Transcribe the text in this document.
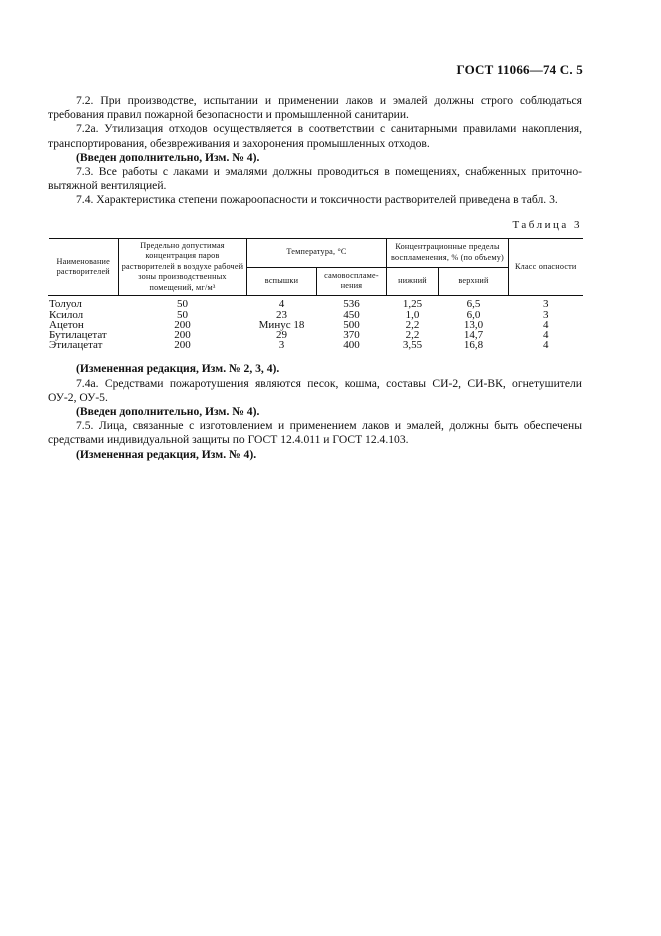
ГОСТ 11066—74 С. 5

7.2. При производстве, испытании и применении лаков и эмалей должны строго соблюдаться требования правил пожарной безопасности и промышленной санитарии.

7.2а. Утилизация отходов осуществляется в соответствии с санитарными правилами накопления, транспортирования, обезвреживания и захоронения промышленных отходов.

(Введен дополнительно, Изм. № 4).

7.3. Все работы с лаками и эмалями должны проводиться в помещениях, снабженных приточно-вытяжной вентиляцией.

7.4. Характеристика степени пожароопасности и токсичности растворителей приведена в табл. 3.

Таблица 3
Наименование растворителей	Предельно допустимая концентрация паров растворителей в воздухе рабочей зоны производственных помещений, мг/м³	Температура, °С		Концентрационные пределы воспламенения, % (по объему)		Класс опасности
		вспышки	самовоспламе-нения	нижний	верхний	
Толуол	50	4	536	1,25	6,5	3
Ксилол	50	23	450	1,0	6,0	3
Ацетон	200	Минус 18	500	2,2	13,0	4
Бутилацетат	200	29	370	2,2	14,7	4
Этилацетат	200	3	400	3,55	16,8	4

(Измененная редакция, Изм. № 2, 3, 4).

7.4а. Средствами пожаротушения являются песок, кошма, составы СИ-2, СИ-ВК, огнетушители ОУ-2, ОУ-5.

(Введен дополнительно, Изм. № 4).

7.5. Лица, связанные с изготовлением и применением лаков и эмалей, должны быть обеспечены средствами индивидуальной защиты по ГОСТ 12.4.011 и ГОСТ 12.4.103.

(Измененная редакция, Изм. № 4).
